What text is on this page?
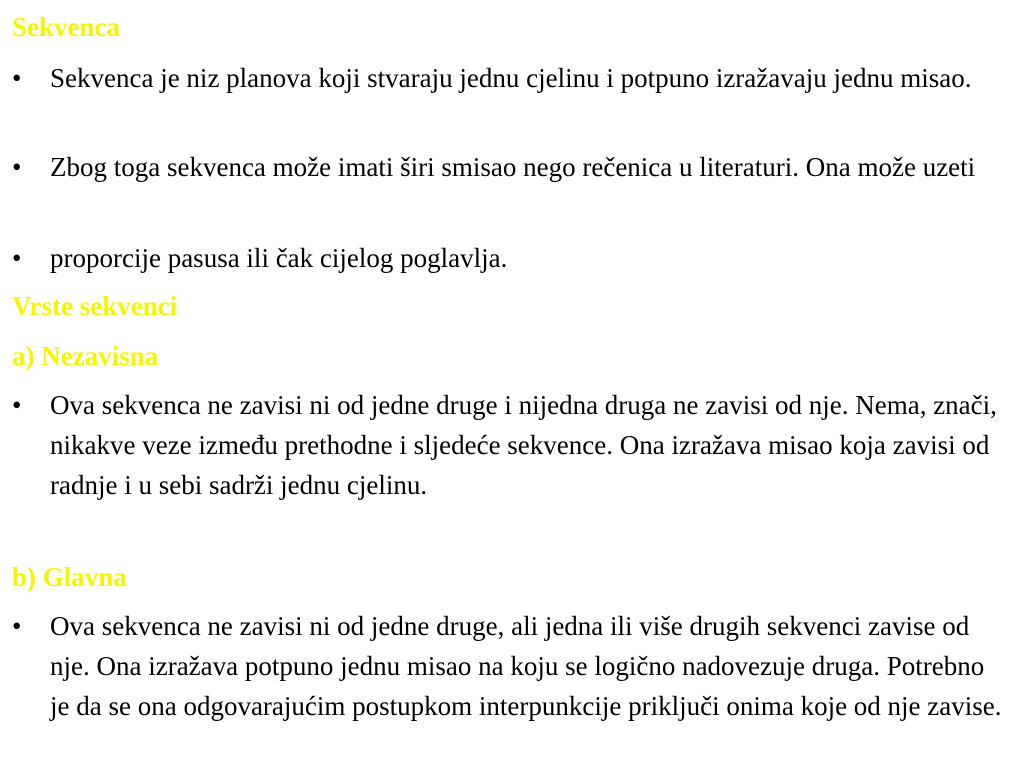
Sekvenca
• Sekvenca je niz planova koji stvaraju jednu cjelinu i potpuno izražavaju jednu misao.
• Zbog toga sekvenca može imati širi smisao nego rečenica u literaturi. Ona može uzeti
• proporcije pasusa ili čak cijelog poglavlja.
Vrste sekvenci
a) Nezavisna
• Ova sekvenca ne zavisi ni od jedne druge i nijedna druga ne zavisi od nje. Nema, znači, nikakve veze između prethodne i sljedeće sekvence. Ona izražava misao koja zavisi od radnje i u sebi sadrži jednu cjelinu.
b) Glavna
• Ova sekvenca ne zavisi ni od jedne druge, ali jedna ili više drugih sekvenci zavise od nje. Ona izražava potpuno jednu misao na koju se logično nadovezuje druga. Potrebno je da se ona odgovarajućim postupkom interpunkcije priključi onima koje od nje zavise.
